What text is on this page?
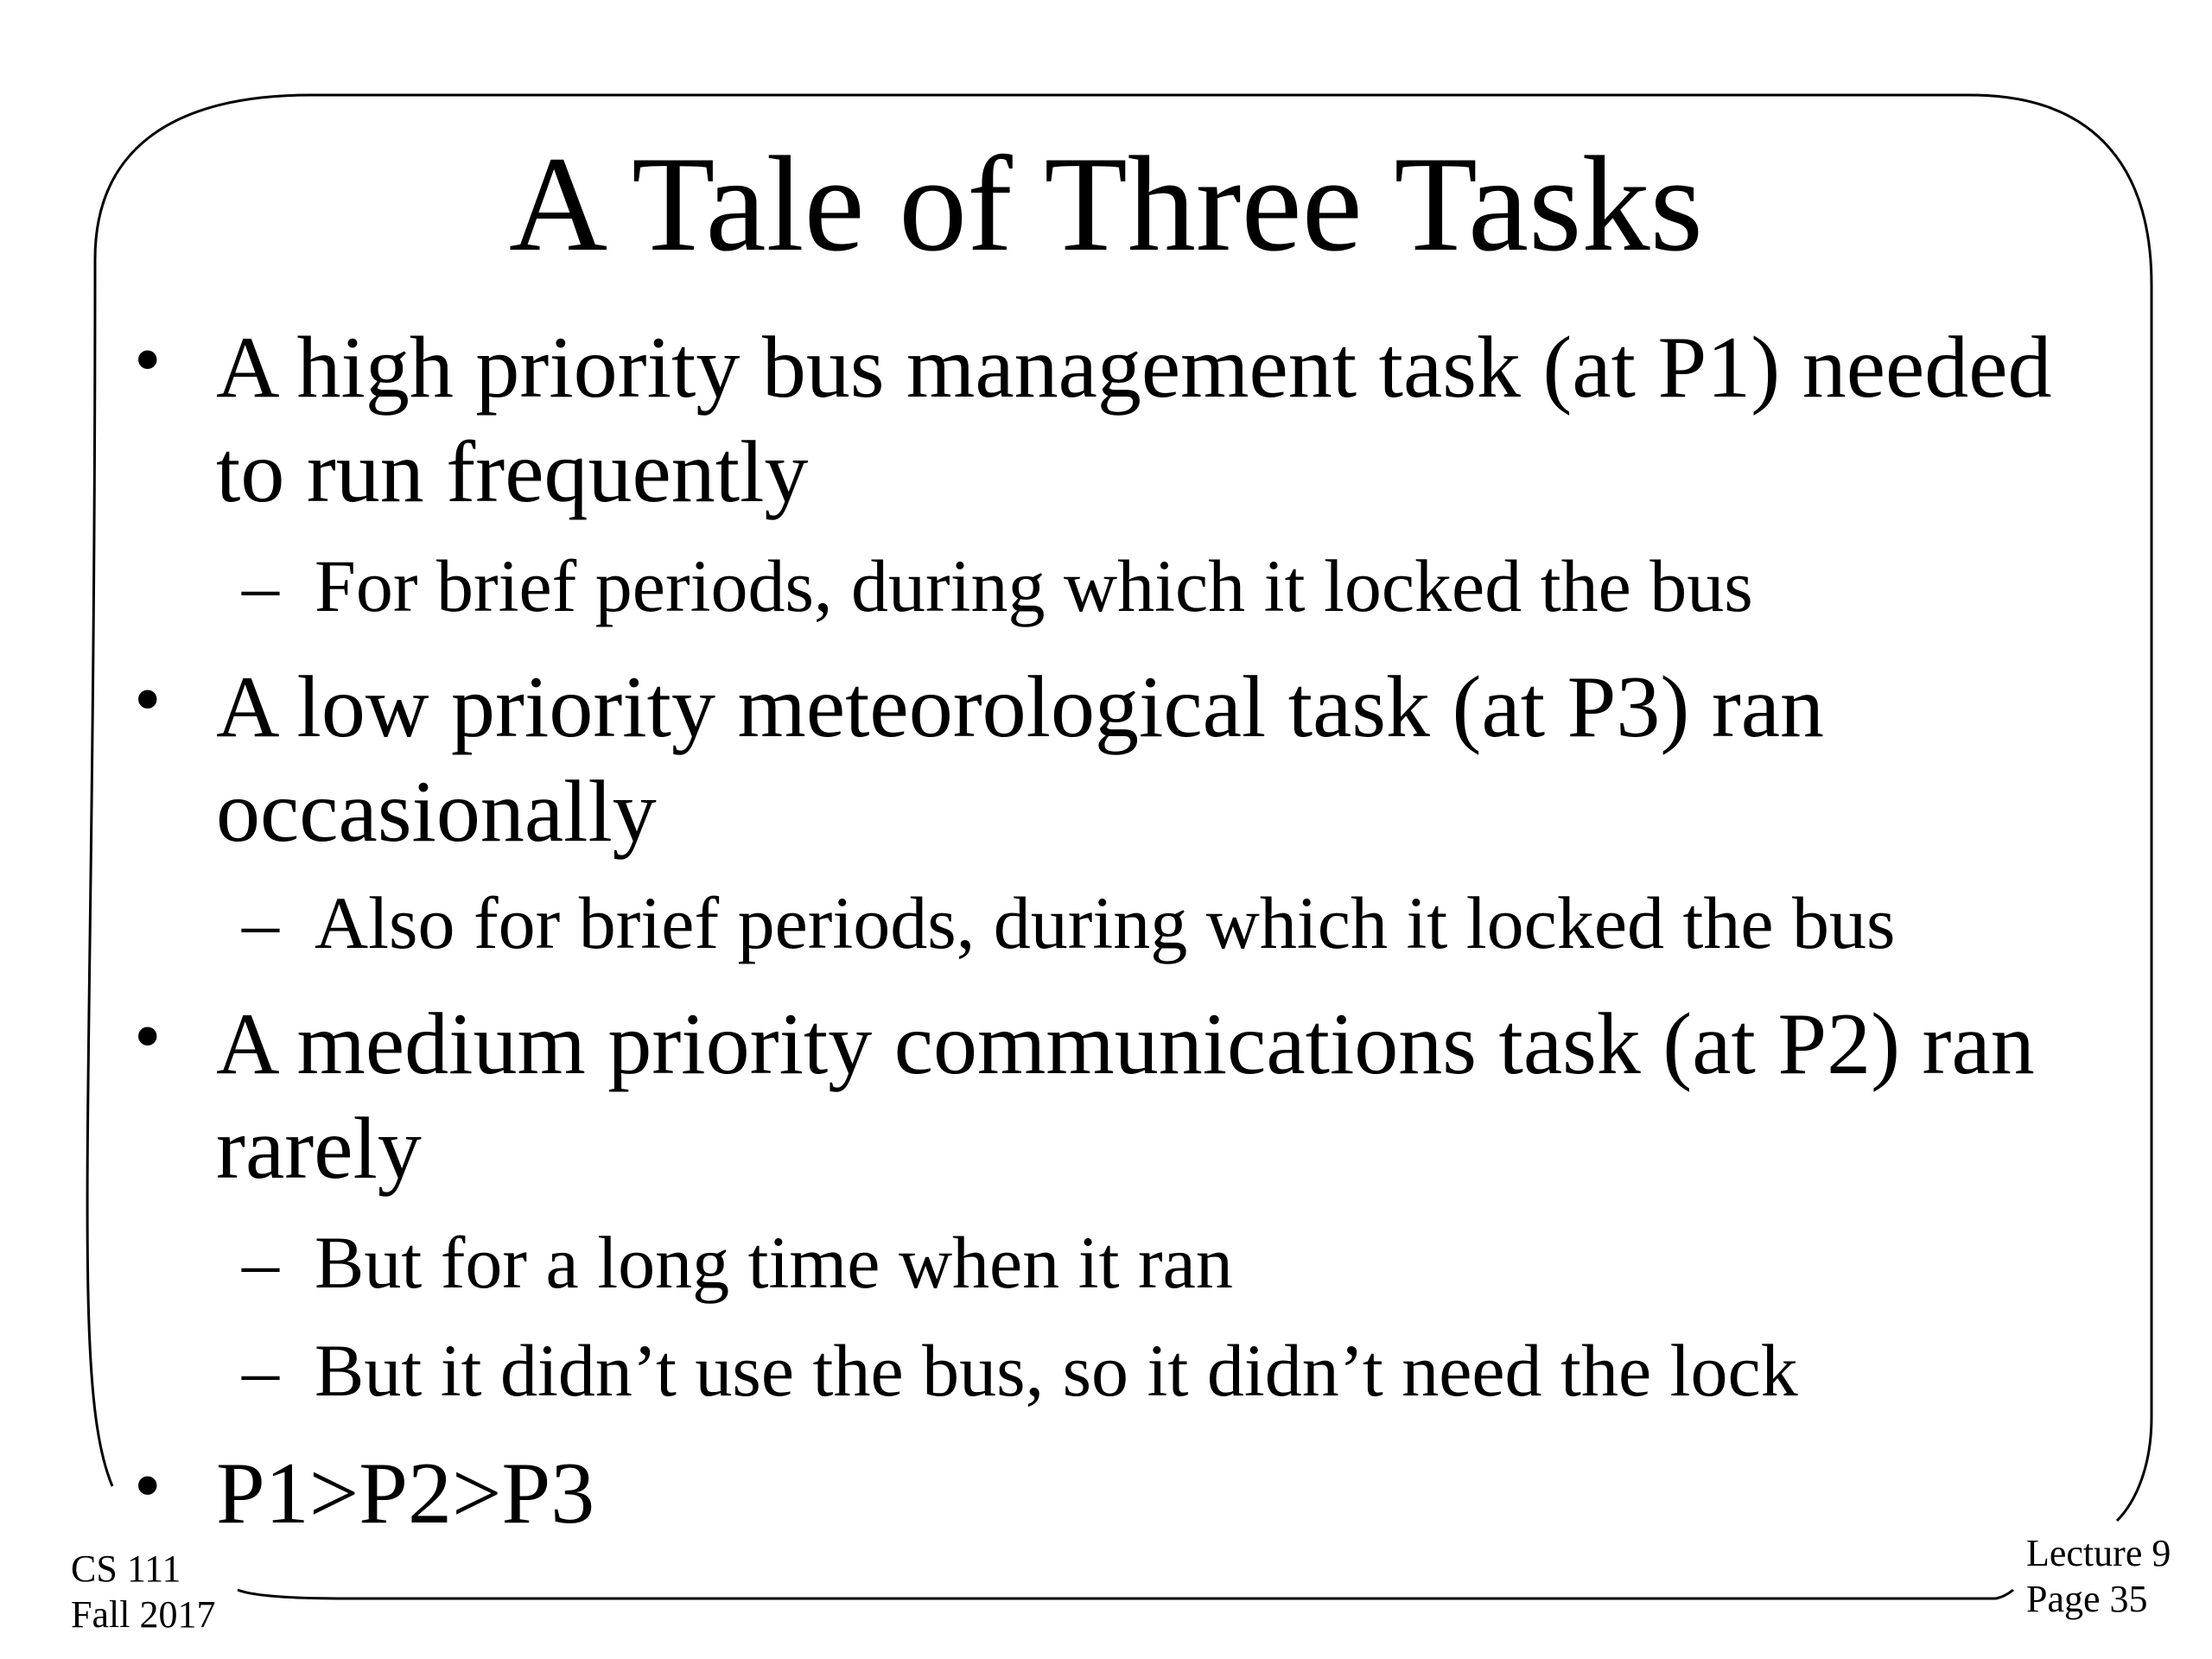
A Tale of Three Tasks
• A high priority bus management task (at P1) needed
to run frequently
– For brief periods, during which it locked the bus
• A low priority meteorological task (at P3) ran
occasionally
– Also for brief periods, during which it locked the bus
• A medium priority communications task (at P2) ran
rarely
– But for a long time when it ran
– But it didn’t use the bus, so it didn’t need the lock
• P1>P2>P3
CS 111
Fall 2017
Lecture 9
Page 35
